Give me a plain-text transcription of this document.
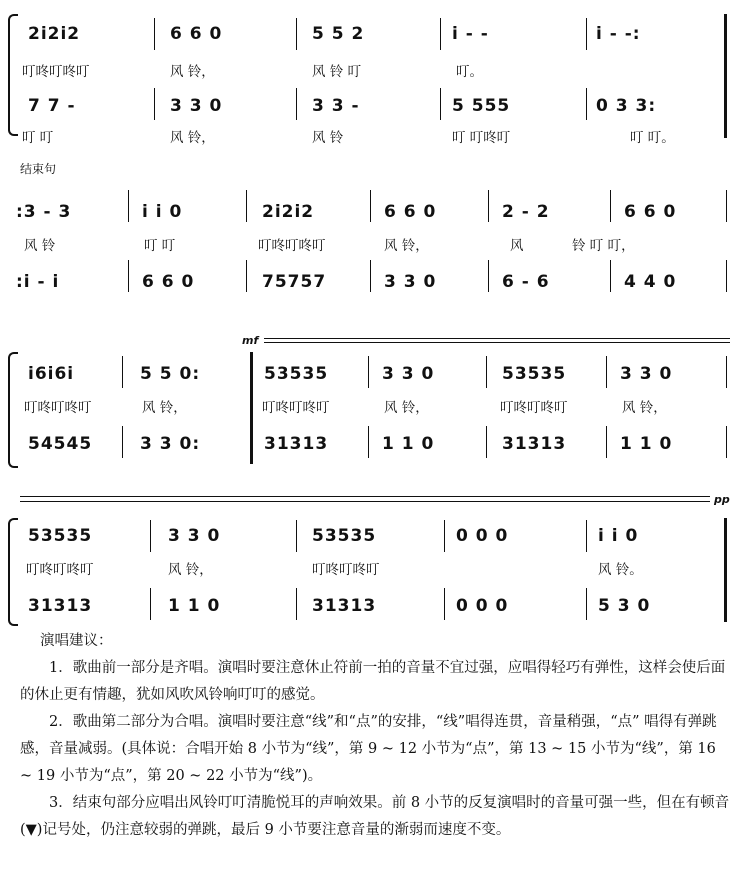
2i2i2	6 6 0	5 5 2	i - -	i - -:
叮咚叮咚叮	风 铃，	风 铃 叮	叮。
7 7 -	3 3 0	3 3 -	5 555	0 3 3:
叮 叮	风 铃，	风 铃	叮 叮咚叮	叮 叮。
结束句
:3 - 3	i i 0	2i2i2	6 6 0	2 - 2	6 6 0
风 铃	叮 叮	叮咚叮咚叮	风 铃，	风	铃 叮 叮，
:i - i	6 6 0	75757	3 3 0	6 - 6	4 4 0
mf
i6i6i	5 5 0:	53535	3 3 0	53535	3 3 0
叮咚叮咚叮	风 铃，	叮咚叮咚叮	风 铃，	叮咚叮咚叮	风 铃，
54545	3 3 0:	31313	1 1 0	31313	1 1 0
pp
53535	3 3 0	53535	0 0 0	i i 0
叮咚叮咚叮	风 铃，	叮咚叮咚叮	风 铃。
31313	1 1 0	31313	0 0 0	5 3 0

演唱建议：

1．歌曲前一部分是齐唱。演唱时要注意休止符前一拍的音量不宜过强，应唱得轻巧有弹性，这样会使后面的休止更有情趣，犹如风吹风铃响叮叮的感觉。

2．歌曲第二部分为合唱。演唱时要注意“线”和“点”的安排，“线”唱得连贯，音量稍强，“点” 唱得有弹跳感，音量减弱。(具体说：合唱开始 8 小节为“线”，第 9 ~ 12 小节为“点”，第 13 ~ 15 小节为“线”，第 16 ~ 19 小节为“点”，第 20 ~ 22 小节为“线”)。

3．结束句部分应唱出风铃叮叮清脆悦耳的声响效果。前 8 小节的反复演唱时的音量可强一些，但在有顿音(▼)记号处，仍注意较弱的弹跳，最后 9 小节要注意音量的渐弱而速度不变。
